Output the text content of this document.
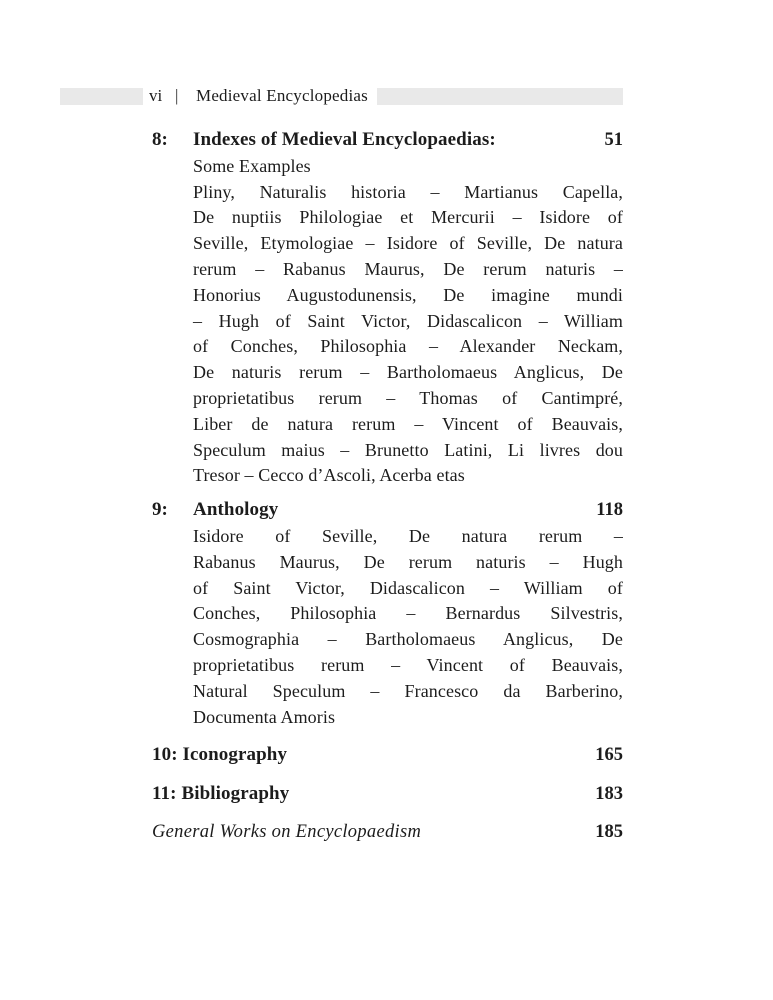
vi | Medieval Encyclopedias
8: Indexes of Medieval Encyclopaedias:	51
Some Examples
Pliny, Naturalis historia – Martianus Capella,
De nuptiis Philologiae et Mercurii – Isidore of
Seville, Etymologiae – Isidore of Seville, De natura
rerum – Rabanus Maurus, De rerum naturis –
Honorius Augustodunensis, De imagine mundi
– Hugh of Saint Victor, Didascalicon – William
of Conches, Philosophia – Alexander Neckam,
De naturis rerum – Bartholomaeus Anglicus, De
proprietatibus rerum – Thomas of Cantimpré,
Liber de natura rerum – Vincent of Beauvais,
Speculum maius – Brunetto Latini, Li livres dou
Tresor – Cecco d’Ascoli, Acerba etas
9: Anthology	118
Isidore of Seville, De natura rerum –
Rabanus Maurus, De rerum naturis – Hugh
of Saint Victor, Didascalicon – William of
Conches, Philosophia – Bernardus Silvestris,
Cosmographia – Bartholomaeus Anglicus, De
proprietatibus rerum – Vincent of Beauvais,
Natural Speculum – Francesco da Barberino,
Documenta Amoris
10: Iconography	165
11: Bibliography	183
General Works on Encyclopaedism	185
